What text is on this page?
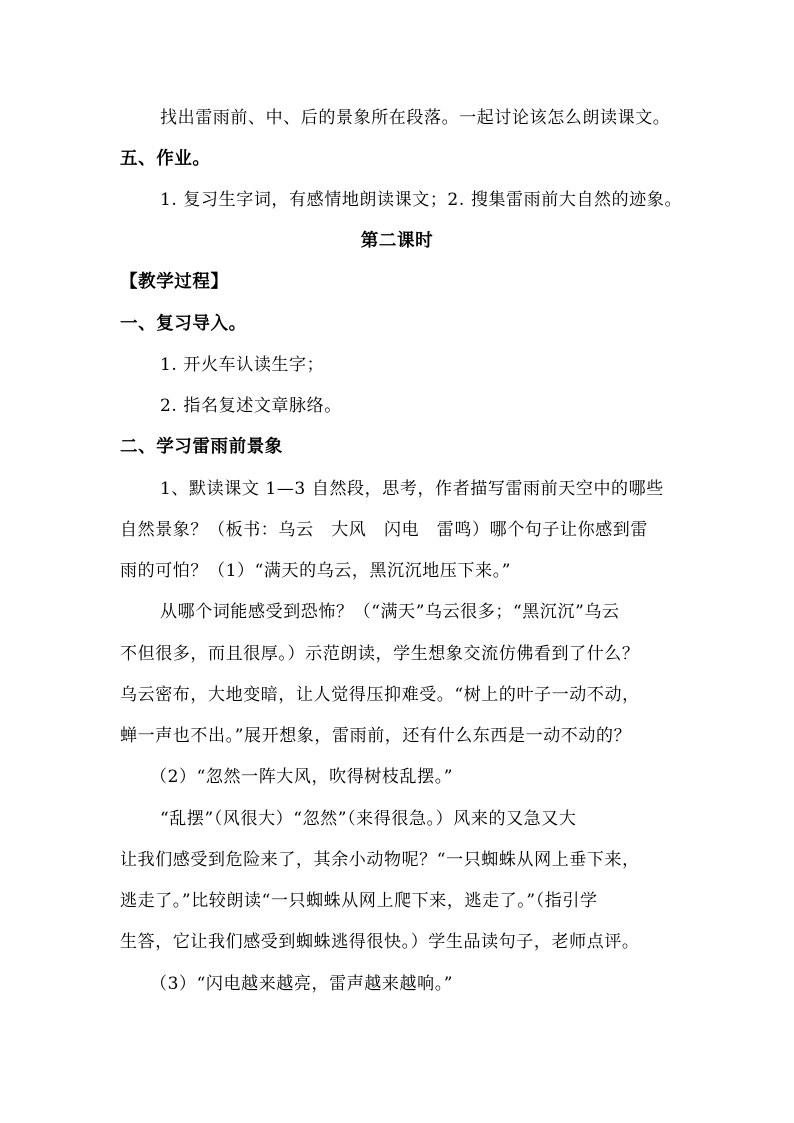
找出雷雨前、中、后的景象所在段落。一起讨论该怎么朗读课文。
五、作业。
1. 复习生字词，有感情地朗读课文；2. 搜集雷雨前大自然的迹象。
第二课时
【教学过程】
一、复习导入。
1. 开火车认读生字；
2. 指名复述文章脉络。
二、学习雷雨前景象
1、默读课文 1—3 自然段，思考，作者描写雷雨前天空中的哪些
自然景象？（板书：乌云　大风　闪电　雷鸣）哪个句子让你感到雷
雨的可怕？（1）“满天的乌云，黑沉沉地压下来。”
从哪个词能感受到恐怖？（“满天”乌云很多；“黑沉沉”乌云
不但很多，而且很厚。）示范朗读，学生想象交流仿佛看到了什么？
乌云密布，大地变暗，让人觉得压抑难受。“树上的叶子一动不动，
蝉一声也不出。”展开想象，雷雨前，还有什么东西是一动不动的？
（2）“忽然一阵大风，吹得树枝乱摆。”
“乱摆”（风很大）“忽然”（来得很急。）风来的又急又大
让我们感受到危险来了，其余小动物呢？“一只蜘蛛从网上垂下来，
逃走了。”比较朗读“一只蜘蛛从网上爬下来，逃走了。”（指引学
生答，它让我们感受到蜘蛛逃得很快。）学生品读句子，老师点评。
（3）“闪电越来越亮，雷声越来越响。”
